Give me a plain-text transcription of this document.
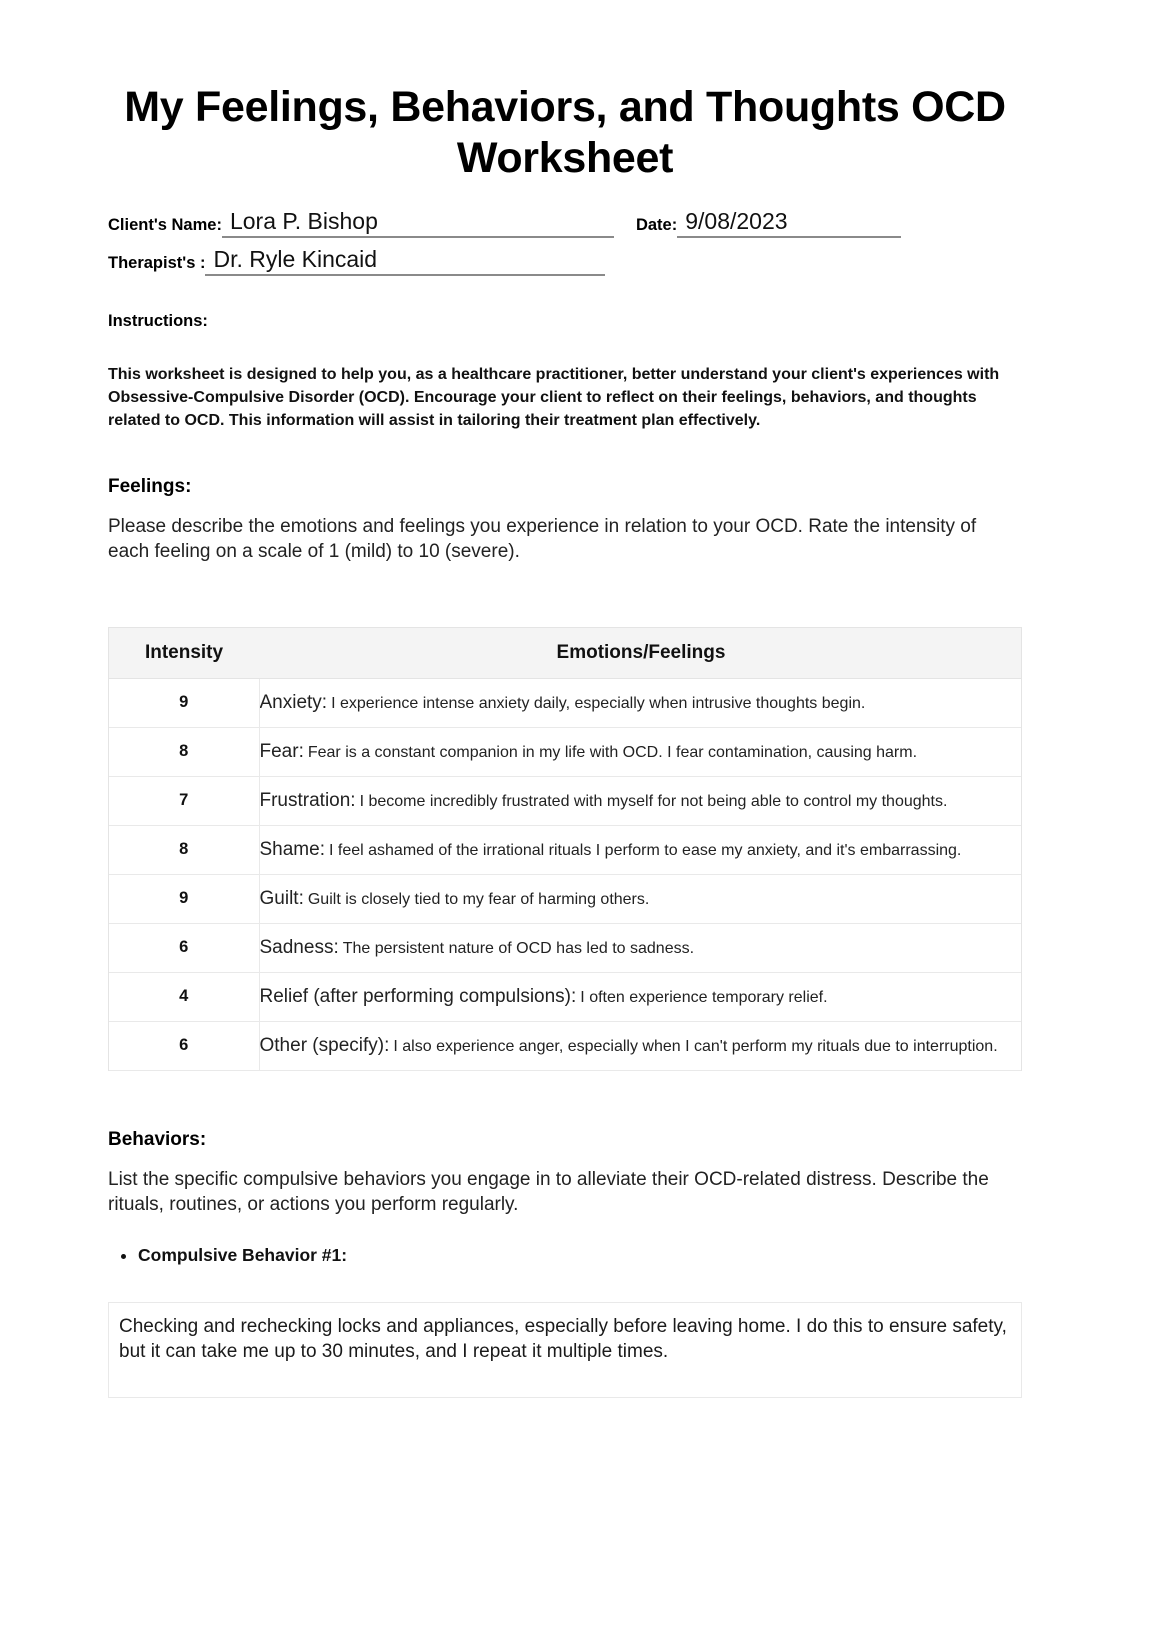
My Feelings, Behaviors, and Thoughts OCD Worksheet
Client's Name: Lora P. Bishop	Date: 9/08/2023
Therapist's : Dr. Ryle Kincaid

Instructions:

This worksheet is designed to help you, as a healthcare practitioner, better understand your client's experiences with Obsessive-Compulsive Disorder (OCD). Encourage your client to reflect on their feelings, behaviors, and thoughts related to OCD. This information will assist in tailoring their treatment plan effectively.

Feelings:

Please describe the emotions and feelings you experience in relation to your OCD. Rate the intensity of each feeling on a scale of 1 (mild) to 10 (severe).

Intensity	Emotions/Feelings
9	Anxiety: I experience intense anxiety daily, especially when intrusive thoughts begin.
8	Fear: Fear is a constant companion in my life with OCD. I fear contamination, causing harm.
7	Frustration: I become incredibly frustrated with myself for not being able to control my thoughts.
8	Shame: I feel ashamed of the irrational rituals I perform to ease my anxiety, and it's embarrassing.
9	Guilt: Guilt is closely tied to my fear of harming others.
6	Sadness: The persistent nature of OCD has led to sadness.
4	Relief (after performing compulsions): I often experience temporary relief.
6	Other (specify): I also experience anger, especially when I can't perform my rituals due to interruption.

Behaviors:

List the specific compulsive behaviors you engage in to alleviate their OCD-related distress. Describe the rituals, routines, or actions you perform regularly.

• Compulsive Behavior #1:

Checking and rechecking locks and appliances, especially before leaving home. I do this to ensure safety, but it can take me up to 30 minutes, and I repeat it multiple times.
